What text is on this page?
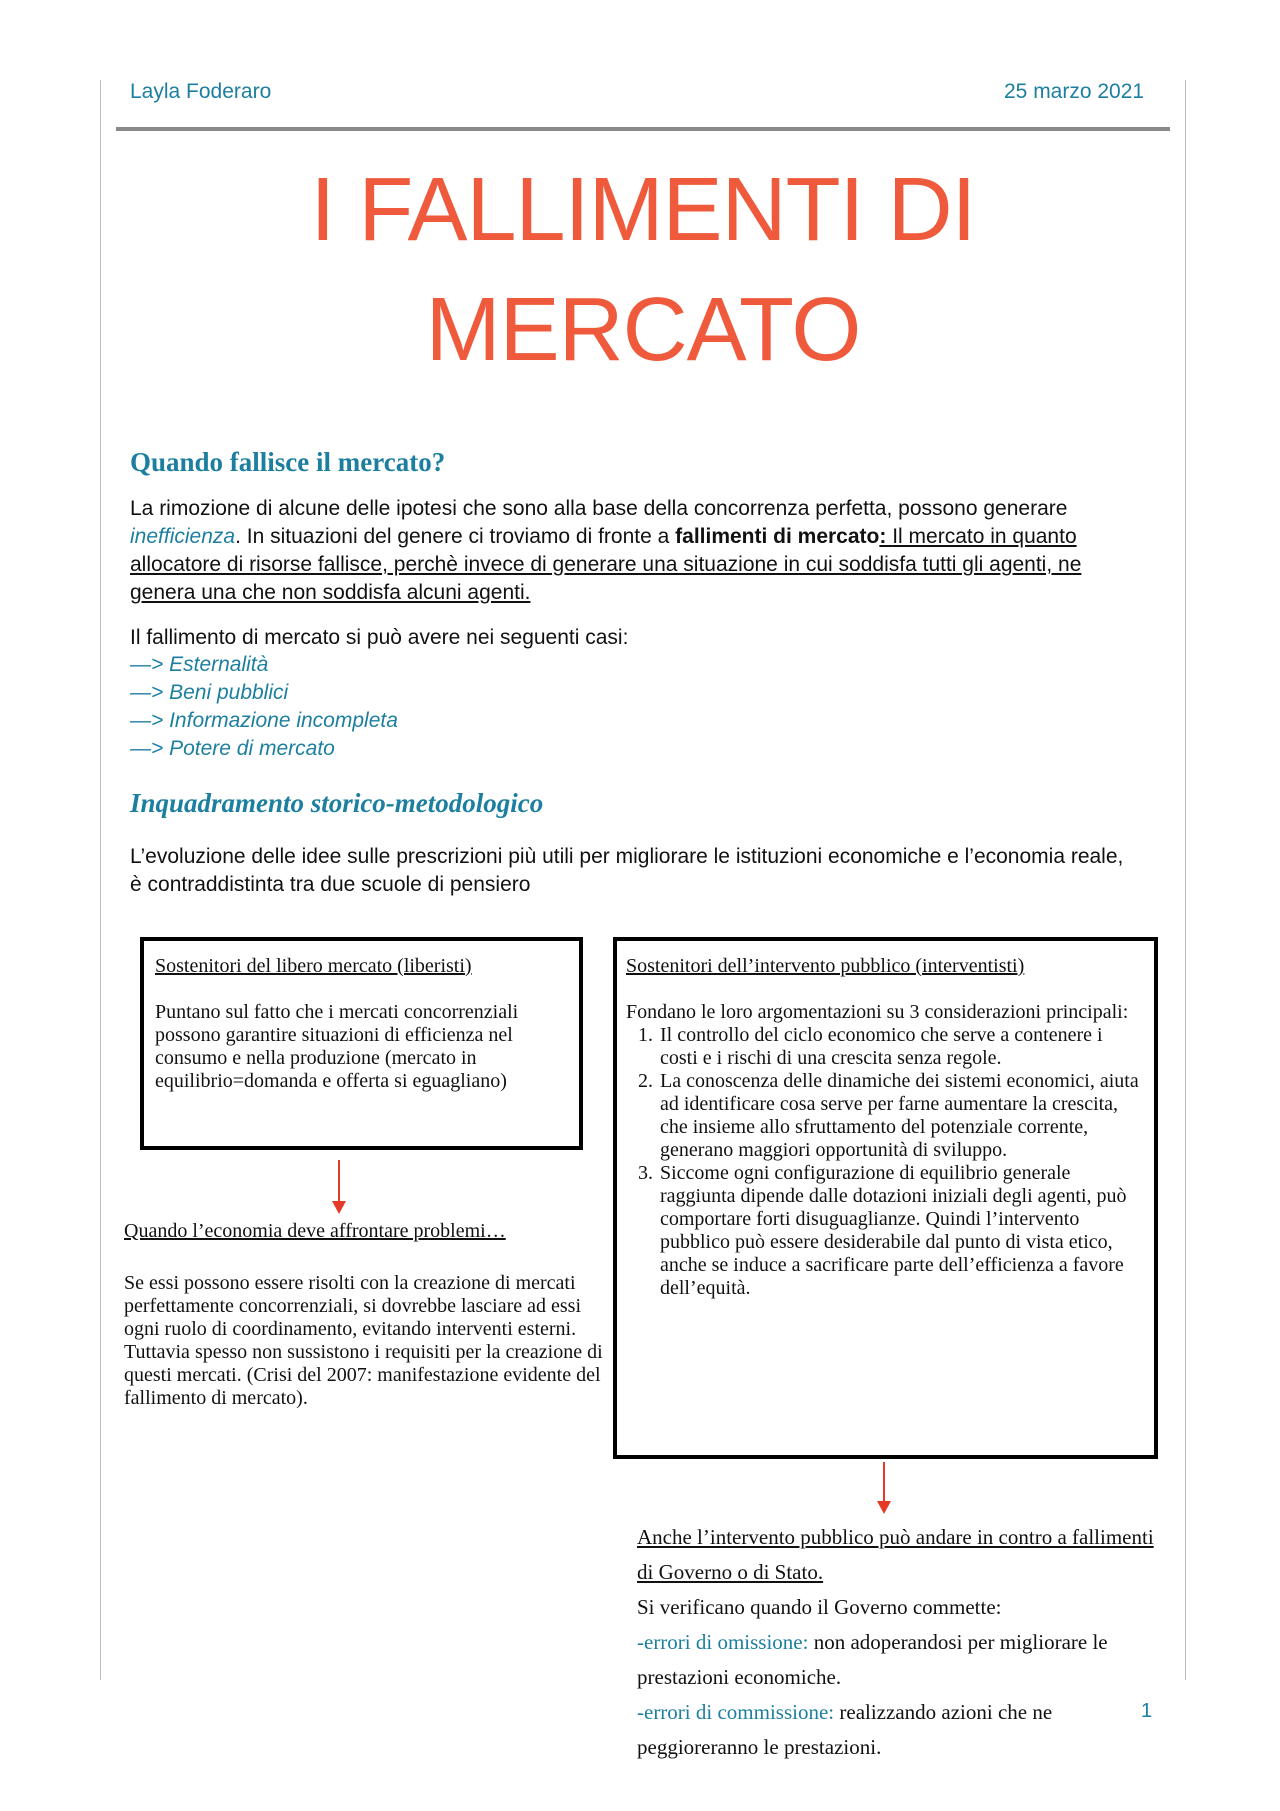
Layla Foderaro	25 marzo 2021
I FALLIMENTI DI
MERCATO
Quando fallisce il mercato?
La rimozione di alcune delle ipotesi che sono alla base della concorrenza perfetta, possono generare inefficienza. In situazioni del genere ci troviamo di fronte a fallimenti di mercato: Il mercato in quanto allocatore di risorse fallisce, perchè invece di generare una situazione in cui soddisfa tutti gli agenti, ne genera una che non soddisfa alcuni agenti.
Il fallimento di mercato si può avere nei seguenti casi:
—> Esternalità
—> Beni pubblici
—> Informazione incompleta
—> Potere di mercato
Inquadramento storico-metodologico
L’evoluzione delle idee sulle prescrizioni più utili per migliorare le istituzioni economiche e l’economia reale, è contraddistinta tra due scuole di pensiero
Sostenitori del libero mercato (liberisti)
Puntano sul fatto che i mercati concorrenziali possono garantire situazioni di efficienza nel consumo e nella produzione (mercato in equilibrio=domanda e offerta si eguagliano)
Quando l’economia deve affrontare problemi…
Se essi possono essere risolti con la creazione di mercati perfettamente concorrenziali, si dovrebbe lasciare ad essi ogni ruolo di coordinamento, evitando interventi esterni. Tuttavia spesso non sussistono i requisiti per la creazione di questi mercati. (Crisi del 2007: manifestazione evidente del fallimento di mercato).
Sostenitori dell’intervento pubblico (interventisti)
Fondano le loro argomentazioni su 3 considerazioni principali:
1. Il controllo del ciclo economico che serve a contenere i costi e i rischi di una crescita senza regole.
2. La conoscenza delle dinamiche dei sistemi economici, aiuta ad identificare cosa serve per farne aumentare la crescita, che insieme allo sfruttamento del potenziale corrente, generano maggiori opportunità di sviluppo.
3. Siccome ogni configurazione di equilibrio generale raggiunta dipende dalle dotazioni iniziali degli agenti, può comportare forti disuguaglianze. Quindi l’intervento pubblico può essere desiderabile dal punto di vista etico, anche se induce a sacrificare parte dell’efficienza a favore dell’equità.
Anche l’intervento pubblico può andare in contro a fallimenti di Governo o di Stato.
Si verificano quando il Governo commette:
-errori di omissione: non adoperandosi per migliorare le prestazioni economiche.
-errori di commissione: realizzando azioni che ne peggioreranno le prestazioni.
1
